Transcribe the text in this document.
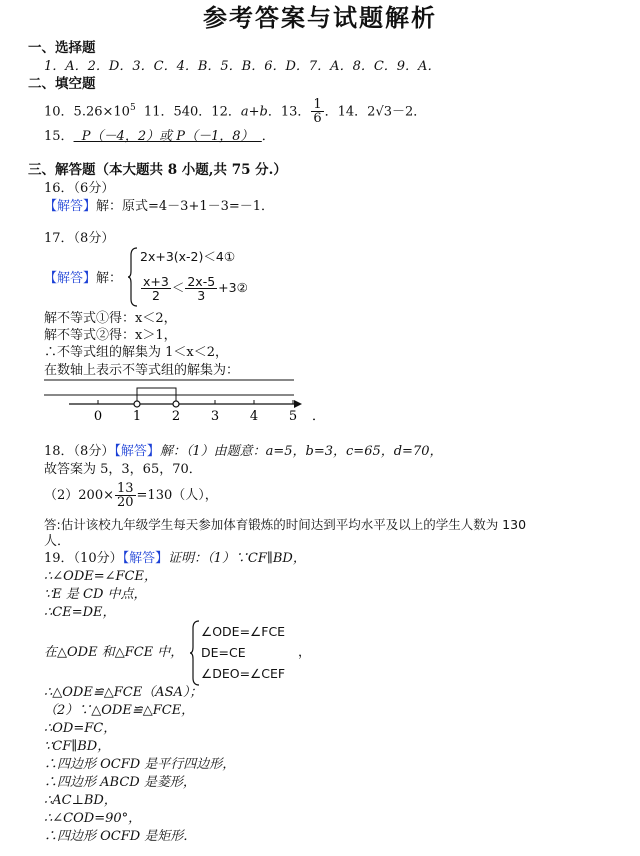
参考答案与试题解析
一、选择题
1．A．2．D．3．C．4．B．5．B．6．D．7．A．8．C．9．A．
二、填空题
10．$5.26\times 10^5$  11．540．12．a+b．13． $\frac{1}{6}$ ．14．2√3－2．
15．  P（－4，2）或 P（－1，8）  ．
三、解答题（本大题共 8 小题,共 75 分.）
16．（6分）
【解答】解：原式=4－3+1－3=－1．
17．（8分）
【解答】解：
2x+3(x-2)＜4①
$\frac{x+3}{2} < \frac{2x-5}{3}$ +3②
解不等式①得：x＜2，
解不等式②得：x＞1，
∴不等式组的解集为 1＜x＜2，
在数轴上表示不等式组的解集为：
0 1 2 3 4 5 ．
18．（8分）【解答】解：（1）由题意：a=5，b=3，c=65，d=70，
故答案为 5，3，65，70．
$(2)200\times \frac{13}{20} =130$（人），
答:估计该校九年级学生每天参加体育锻炼的时间达到平均水平及以上的学生人数为 130
人．
19．（10分）【解答】证明：（1）∵CF∥BD，
∴∠ODE=∠FCE，
∵E 是 CD 中点，
∴CE=DE，
在△ODE 和△FCE 中，
∠ODE=∠FCE
DE=CE	，
∠DEO=∠CEF
∴△ODE≌△FCE（ASA）；
（2）∵△ODE≌△FCE，
∴OD=FC，
∵CF∥BD，
∴四边形 OCFD 是平行四边形，
∴四边形 ABCD 是菱形，
∴AC⊥BD，
∴∠COD=90°，
∴四边形 OCFD 是矩形．
